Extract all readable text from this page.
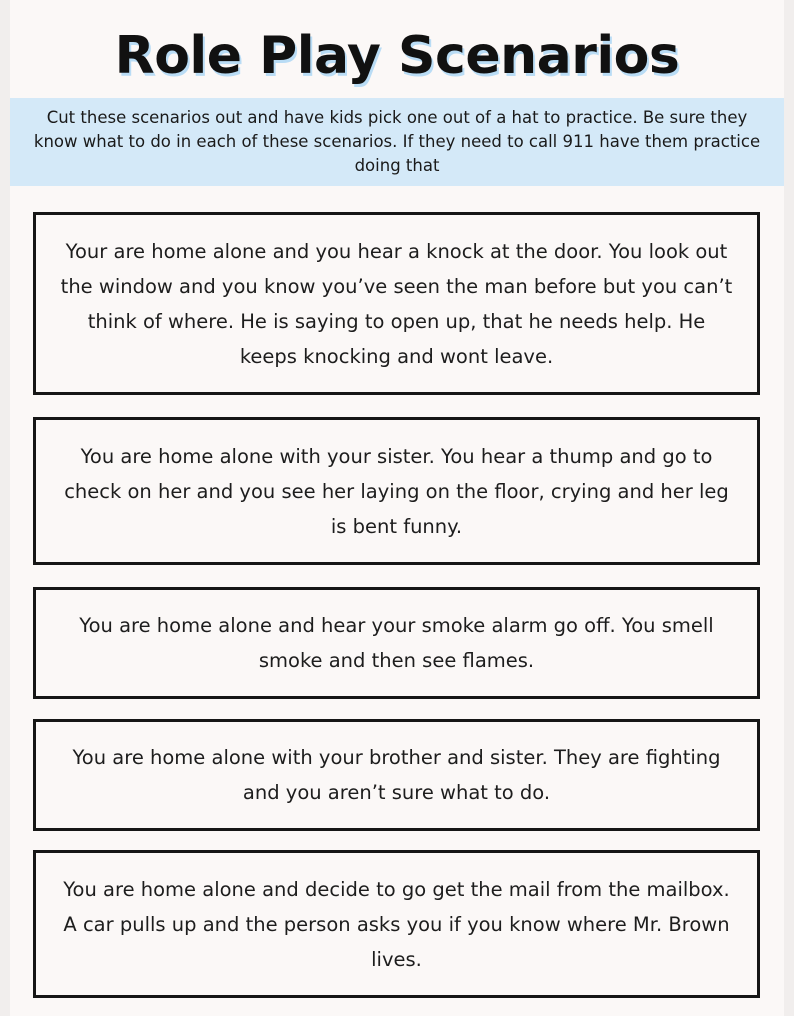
Role Play Scenarios
Cut these scenarios out and have kids pick one out of a hat to practice. Be sure they know what to do in each of these scenarios. If they need to call 911 have them practice doing that
Your are home alone and you hear a knock at the door. You look out the window and you know you’ve seen the man before but you can’t think of where. He is saying to open up, that he needs help. He keeps knocking and wont leave.
You are home alone with your sister. You hear a thump and go to check on her and you see her laying on the floor, crying and her leg is bent funny.
You are home alone and hear your smoke alarm go off. You smell smoke and then see flames.
You are home alone with your brother and sister. They are fighting and you aren’t sure what to do.
You are home alone and decide to go get the mail from the mailbox. A car pulls up and the person asks you if you know where Mr. Brown lives.
